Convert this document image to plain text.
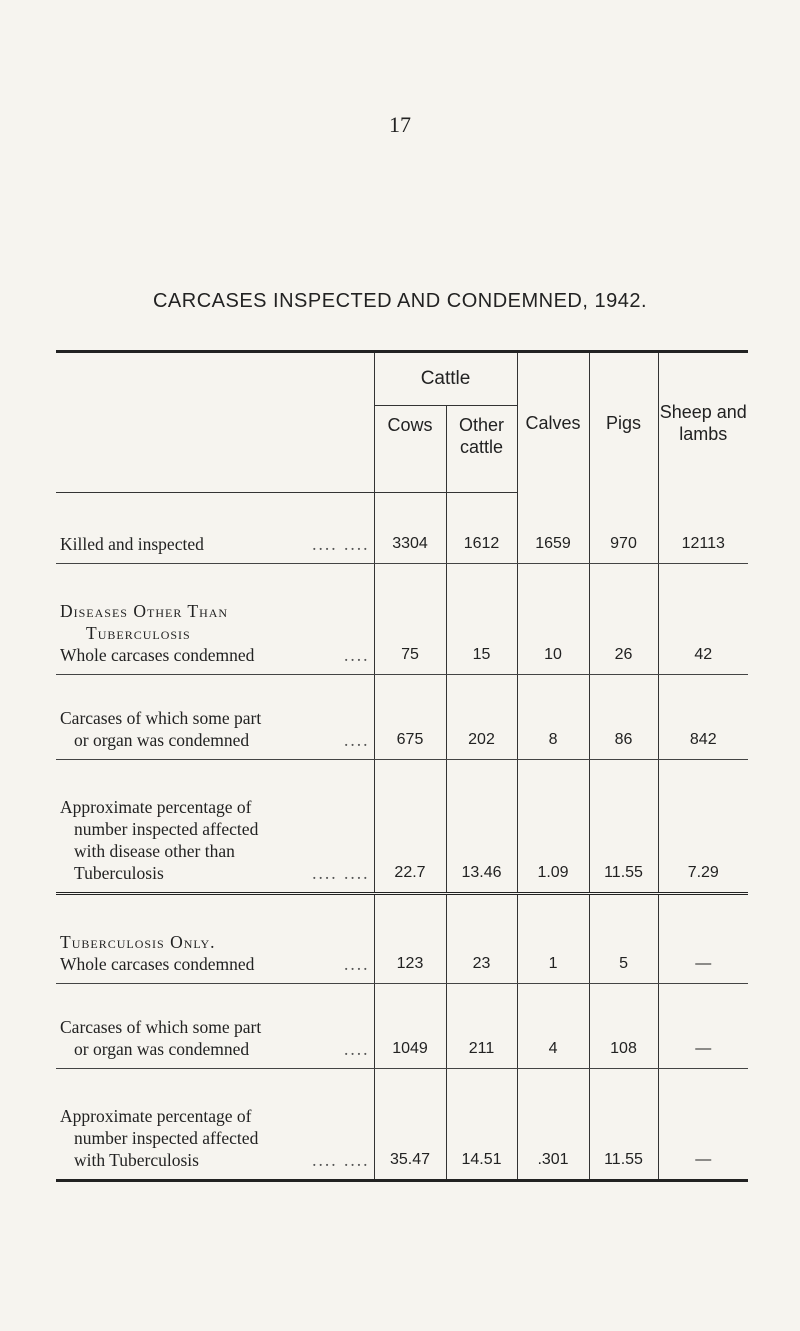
17
CARCASES INSPECTED AND CONDEMNED, 1942.
	Cattle		Calves	Pigs	Sheep and lambs
	Cows	Other cattle			

.... ....
Killed and inspected	3304	1612	1659	970	12113

Diseases Other Than
Tuberculosis
....
Whole carcases condemned	75	15	10	26	42

Carcases of which some part
....
or organ was condemned	675	202	8	86	842

Approximate percentage of
number inspected affected
with disease other than
.... ....
Tuberculosis	22.7	13.46	1.09	11.55	7.29

Tuberculosis Only.
....
Whole carcases condemned	123	23	1	5	—

Carcases of which some part
....
or organ was condemned	1049	211	4	108	—

Approximate percentage of
number inspected affected
.... ....
with Tuberculosis	35.47	14.51	.301	11.55	—
